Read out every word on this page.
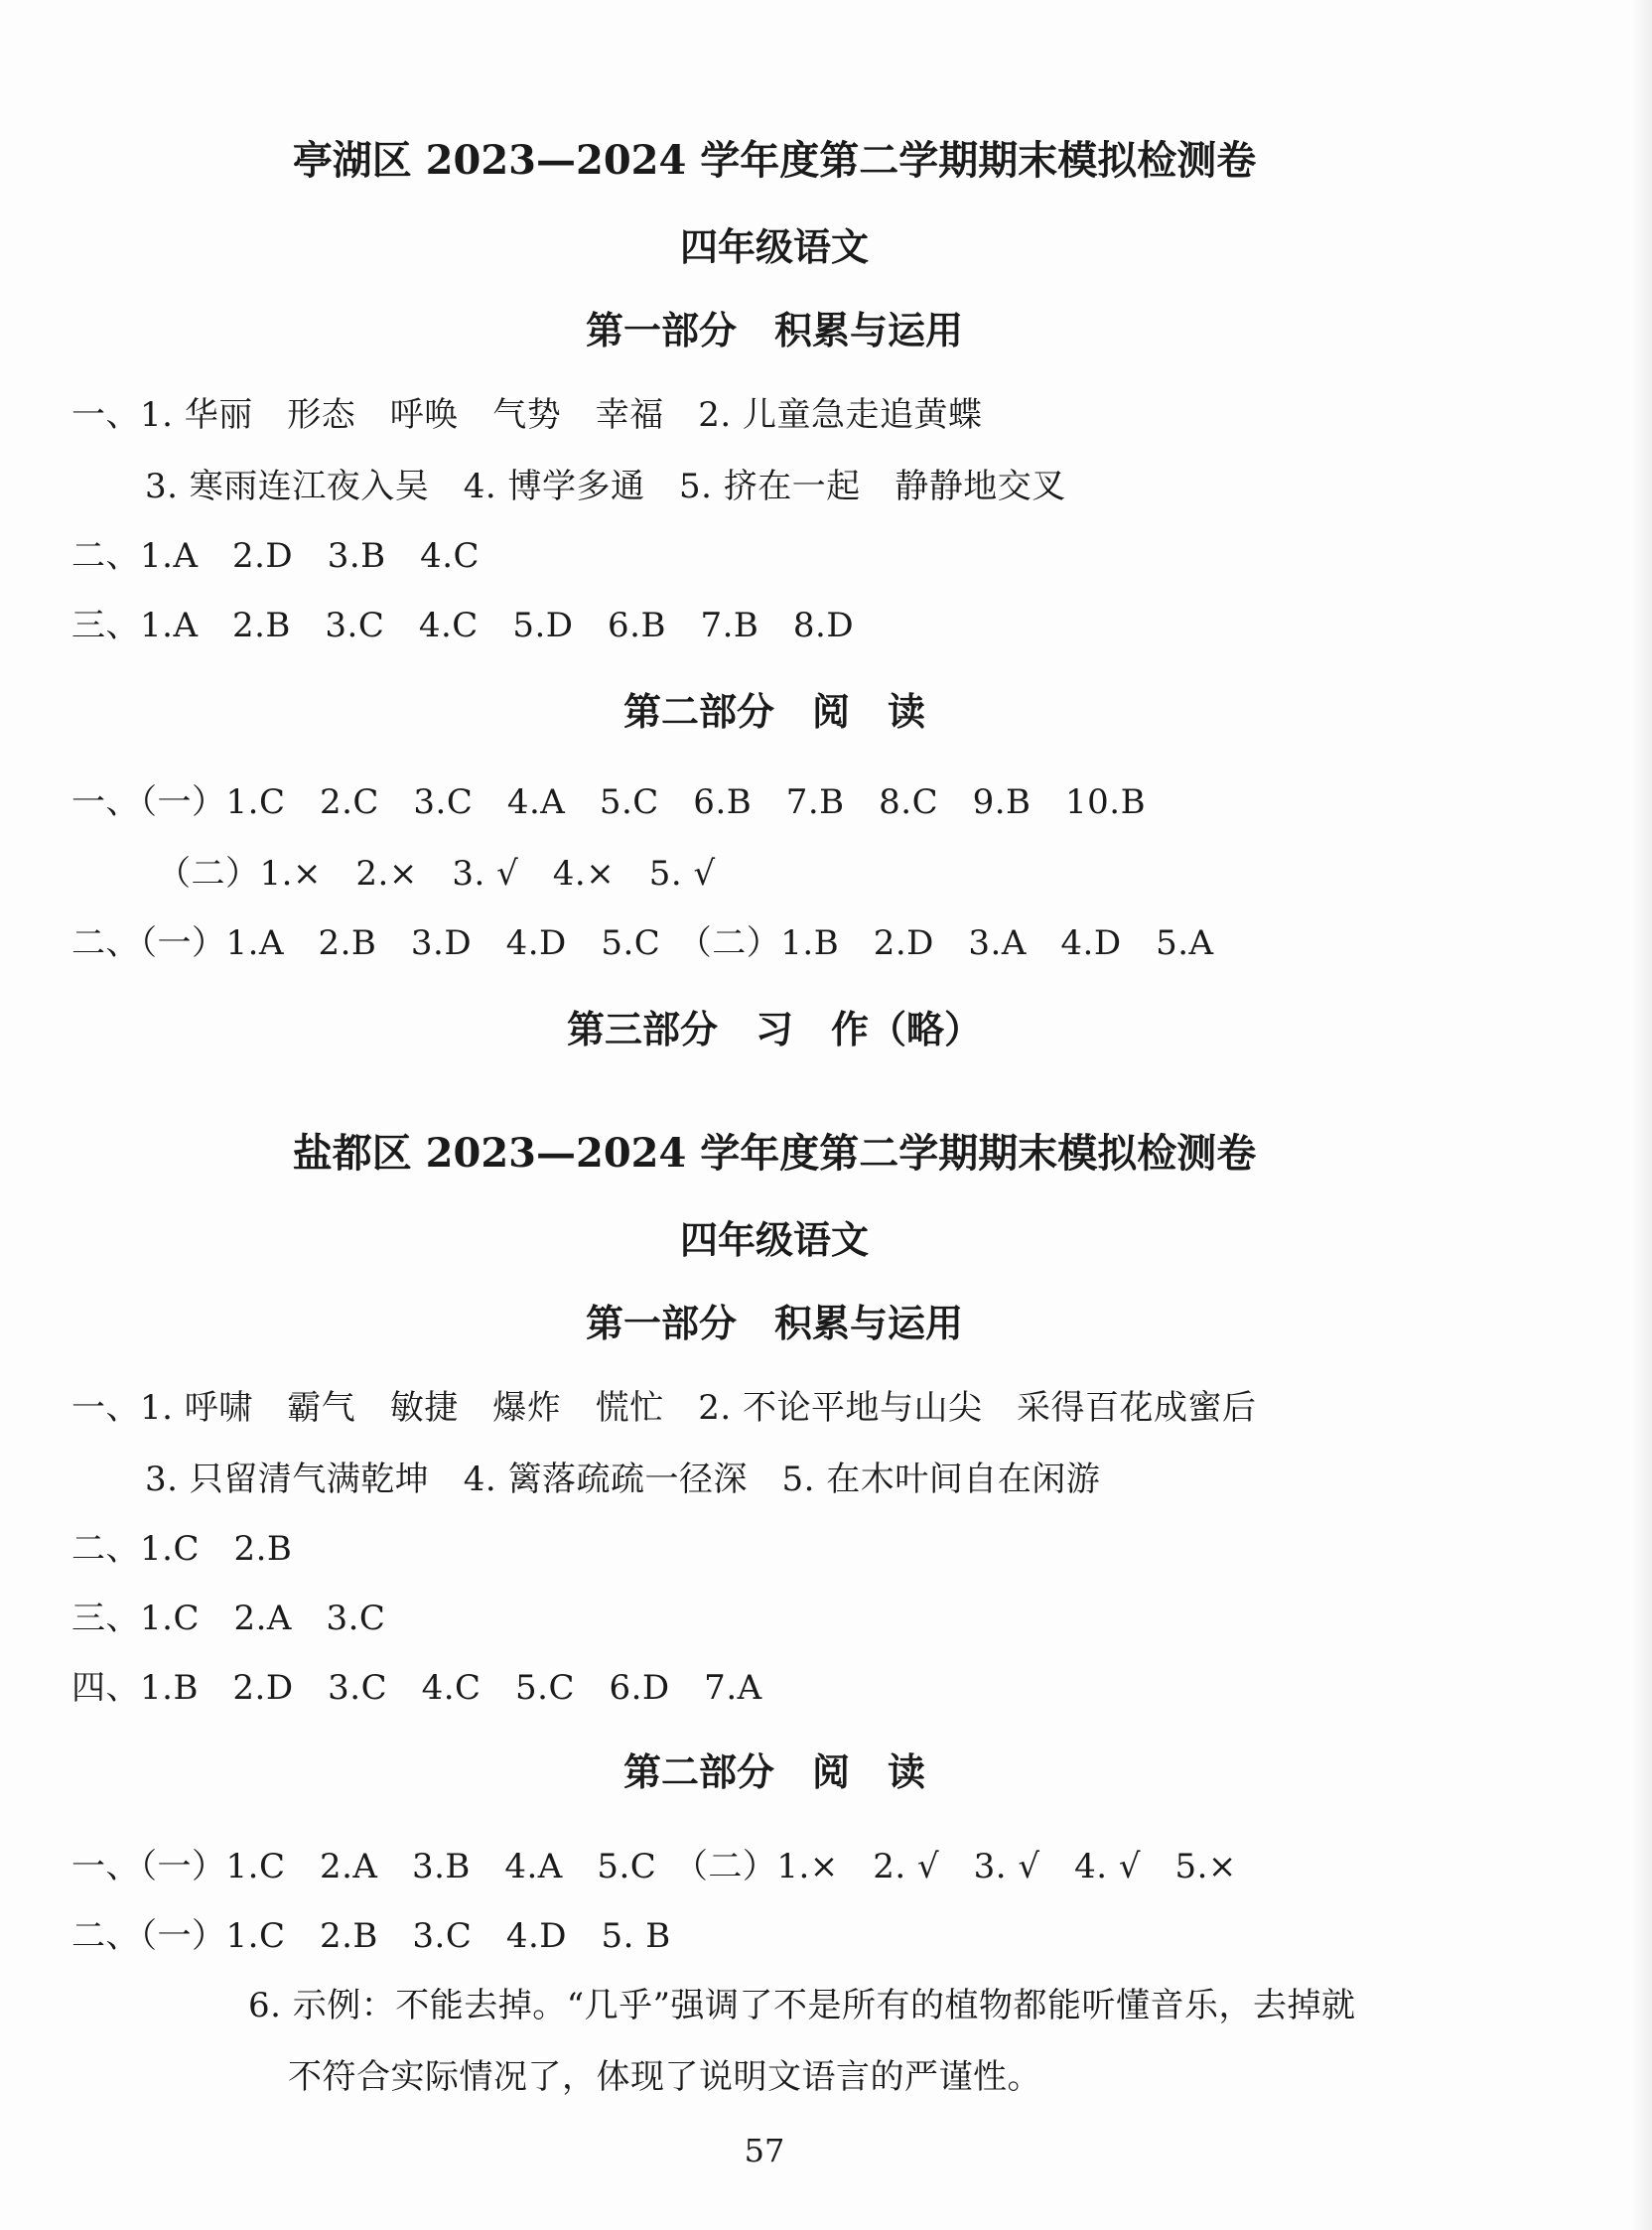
亭湖区 2023—2024 学年度第二学期期末模拟检测卷
四年级语文
第一部分　积累与运用
一、1. 华丽　形态　呼唤　气势　幸福　2. 儿童急走追黄蝶
3. 寒雨连江夜入吴　4. 博学多通　5. 挤在一起　静静地交叉
二、1.A　2.D　3.B　4.C
三、1.A　2.B　3.C　4.C　5.D　6.B　7.B　8.D
第二部分　阅　读
一、（一）1.C　2.C　3.C　4.A　5.C　6.B　7.B　8.C　9.B　10.B
（二）1.×　2.×　3. √　4.×　5. √
二、（一）1.A　2.B　3.D　4.D　5.C　（二）1.B　2.D　3.A　4.D　5.A
第三部分　习　作（略）
盐都区 2023—2024 学年度第二学期期末模拟检测卷
四年级语文
第一部分　积累与运用
一、1. 呼啸　霸气　敏捷　爆炸　慌忙　2. 不论平地与山尖　采得百花成蜜后
3. 只留清气满乾坤　4. 篱落疏疏一径深　5. 在木叶间自在闲游
二、1.C　2.B
三、1.C　2.A　3.C
四、1.B　2.D　3.C　4.C　5.C　6.D　7.A
第二部分　阅　读
一、（一）1.C　2.A　3.B　4.A　5.C　（二）1.×　2. √　3. √　4. √　5.×
二、（一）1.C　2.B　3.C　4.D　5. B
6. 示例：不能去掉。“几乎”强调了不是所有的植物都能听懂音乐，去掉就
不符合实际情况了，体现了说明文语言的严谨性。
57
